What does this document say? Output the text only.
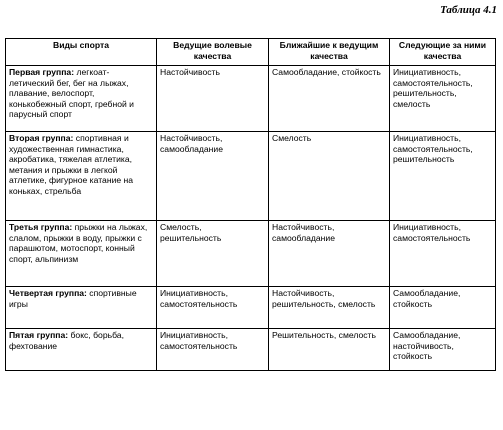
Таблица 4.1
Виды спорта	Ведущие волевые качества	Ближайшие к ведущим качества	Следующие за ними качества
Первая группа: легкоат-летический бег, бег на лыжах, плавание, велоспорт, конькобежный спорт, гребной и парусный спорт	Настойчивость	Самообладание, стойкость	Инициативность, самостоятельность, решительность, смелость
Вторая группа: спортивная и художественная гимнастика, акробатика, тяжелая атлетика, метания и прыжки в легкой атлетике, фигурное катание на коньках, стрельба	Настойчивость, самообладание	Смелость	Инициативность, самостоятельность, решительность
Третья группа: прыжки на лыжах, слалом, прыжки в воду, прыжки с парашютом, мотоспорт, конный спорт, альпинизм	Смелость, решительность	Настойчивость, самообладание	Инициативность, самостоятельность
Четвертая группа: спортивные игры	Инициативность, самостоятельность	Настойчивость, решительность, смелость	Самообладание, стойкость
Пятая группа: бокс, борьба, фехтование	Инициативность, самостоятельность	Решительность, смелость	Самообладание, настойчивость, стойкость
